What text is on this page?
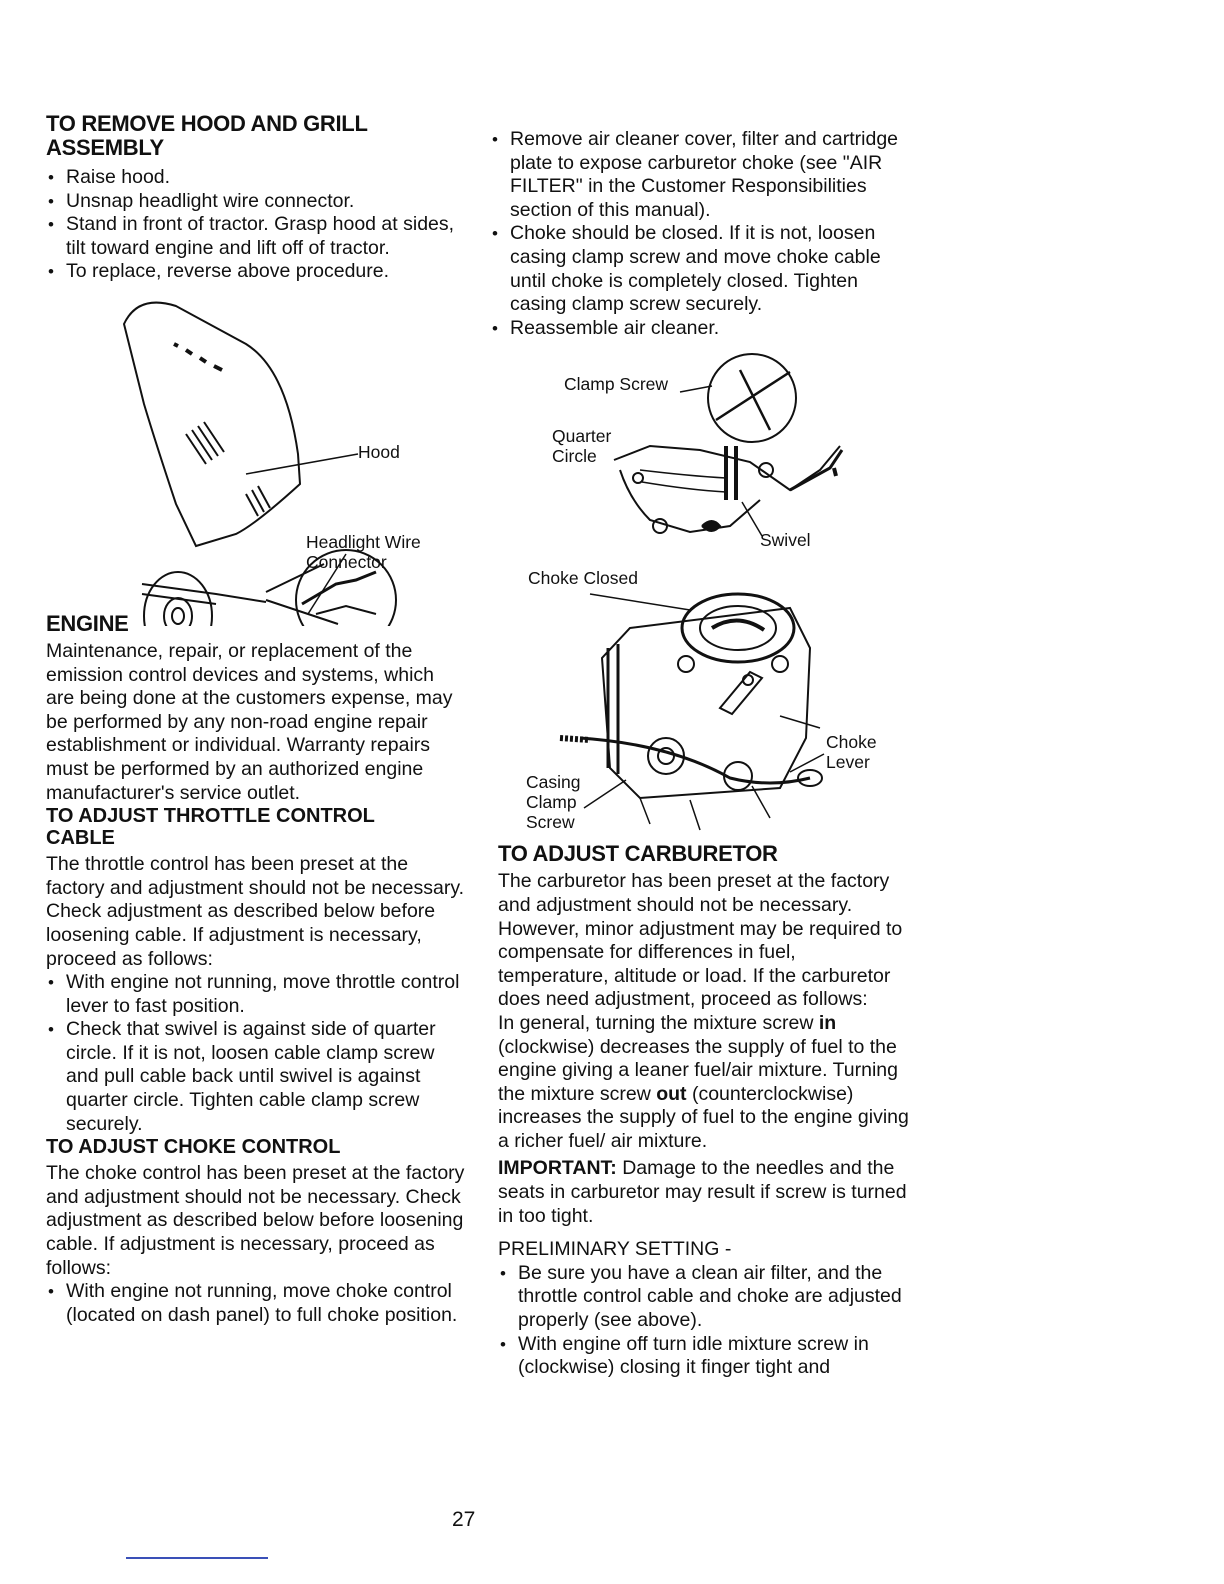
TO REMOVE HOOD AND GRILL ASSEMBLY
• Raise hood.
• Unsnap headlight wire connector.
• Stand in front of tractor. Grasp hood at sides, tilt toward engine and lift off of tractor.
• To replace, reverse above procedure.
Hood
Headlight Wire Connector
ENGINE

Maintenance, repair, or replacement of the emission control devices and systems, which are being done at the customers expense, may be performed by any non-road engine repair establishment or individual. Warranty repairs must be performed by an authorized engine manufacturer's service outlet.

TO ADJUST THROTTLE CONTROL CABLE

The throttle control has been preset at the factory and adjustment should not be necessary. Check adjustment as described below before loosening cable. If adjustment is necessary, proceed as follows:

• With engine not running, move throttle control lever to fast position.
• Check that swivel is against side of quarter circle. If it is not, loosen cable clamp screw and pull cable back until swivel is against quarter circle. Tighten cable clamp screw securely.
TO ADJUST CHOKE CONTROL

The choke control has been preset at the factory and adjustment should not be necessary. Check adjustment as described below before loosening cable. If adjustment is necessary, proceed as follows:

• With engine not running, move choke control (located on dash panel) to full choke position.
• Remove air cleaner cover, filter and cartridge plate to expose carburetor choke (see "AIR FILTER" in the Customer Responsibilities section of this manual).
• Choke should be closed. If it is not, loosen casing clamp screw and move choke cable until choke is completely closed. Tighten casing clamp screw securely.
• Reassemble air cleaner.
Clamp Screw
Quarter Circle
Swivel
Choke Closed
Choke Lever
Casing Clamp Screw
TO ADJUST CARBURETOR

The carburetor has been preset at the factory and adjustment should not be necessary. However, minor adjustment may be required to compensate for differences in fuel, temperature, altitude or load. If the carburetor does need adjustment, proceed as follows:

In general, turning the mixture screw in (clockwise) decreases the supply of fuel to the engine giving a leaner fuel/air mixture. Turning the mixture screw out (counterclockwise) increases the supply of fuel to the engine giving a richer fuel/ air mixture.

IMPORTANT: Damage to the needles and the seats in carburetor may result if screw is turned in too tight.

PRELIMINARY SETTING -

• Be sure you have a clean air filter, and the throttle control cable and choke are adjusted properly (see above).
• With engine off turn idle mixture screw in (clockwise) closing it finger tight and
27
